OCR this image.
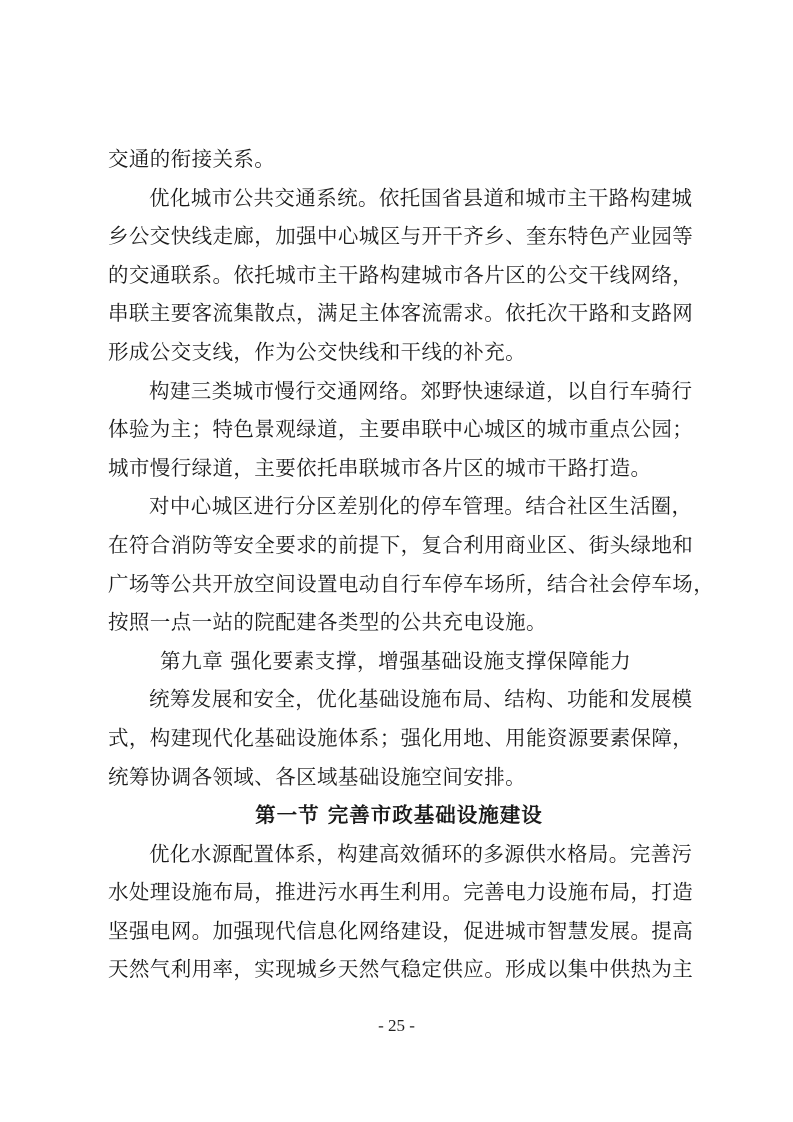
交通的衔接关系。
优化城市公共交通系统。依托国省县道和城市主干路构建城
乡公交快线走廊，加强中心城区与开干齐乡、奎东特色产业园等
的交通联系。依托城市主干路构建城市各片区的公交干线网络，
串联主要客流集散点，满足主体客流需求。依托次干路和支路网
形成公交支线，作为公交快线和干线的补充。
构建三类城市慢行交通网络。郊野快速绿道，以自行车骑行
体验为主；特色景观绿道，主要串联中心城区的城市重点公园；
城市慢行绿道，主要依托串联城市各片区的城市干路打造。
对中心城区进行分区差别化的停车管理。结合社区生活圈，
在符合消防等安全要求的前提下，复合利用商业区、街头绿地和
广场等公共开放空间设置电动自行车停车场所，结合社会停车场，
按照一点一站的院配建各类型的公共充电设施。
第九章 强化要素支撑，增强基础设施支撑保障能力
统筹发展和安全，优化基础设施布局、结构、功能和发展模
式，构建现代化基础设施体系；强化用地、用能资源要素保障，
统筹协调各领域、各区域基础设施空间安排。
第一节 完善市政基础设施建设
优化水源配置体系，构建高效循环的多源供水格局。完善污
水处理设施布局，推进污水再生利用。完善电力设施布局，打造
坚强电网。加强现代信息化网络建设，促进城市智慧发展。提高
天然气利用率，实现城乡天然气稳定供应。形成以集中供热为主
- 25 -
